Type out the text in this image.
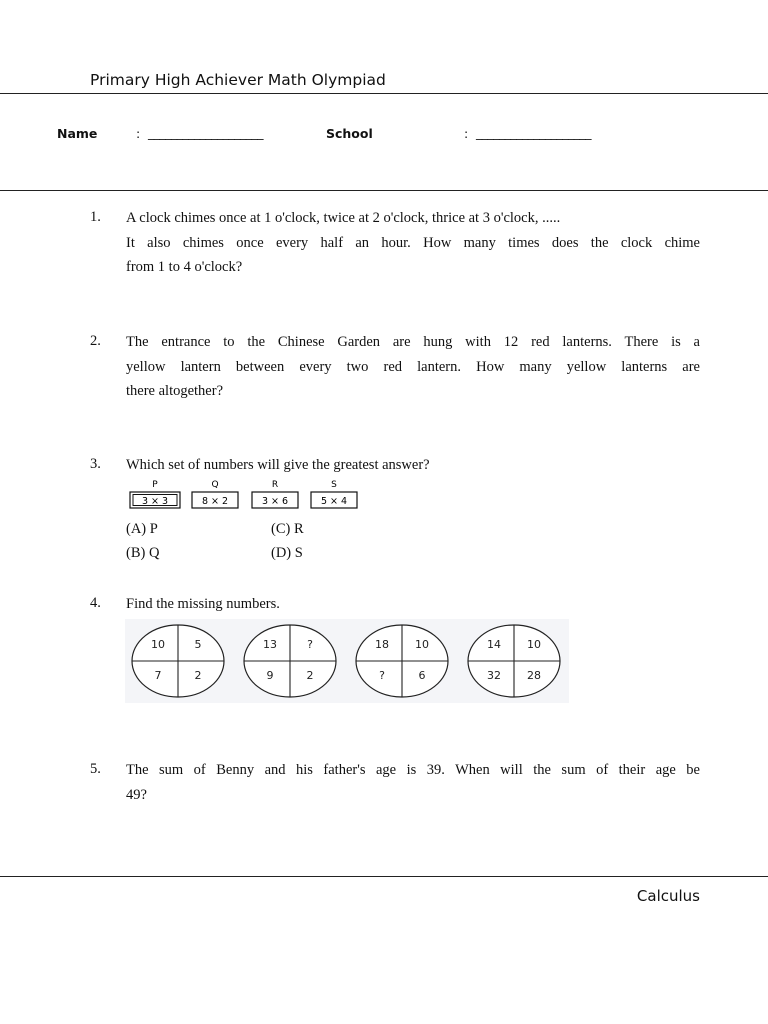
Primary High Achiever Math Olympiad
Name	: ____________________	School	: ____________________
1. A clock chimes once at 1 o'clock, twice at 2 o'clock, thrice at 3 o'clock, .....
It also chimes once every half an hour. How many times does the clock chime
from 1 to 4 o'clock?
2. The entrance to the Chinese Garden are hung with 12 red lanterns. There is a
yellow lantern between every two red lantern. How many yellow lanterns are
there altogether?
3. Which set of numbers will give the greatest answer?
P
3 × 3
Q
8 × 2
R
3 × 6
S
5 × 4
(A) P	(C) R
(B) Q	(D) S
4. Find the missing numbers.
10	5
7	2
13	?
9	2
18 10
?	6
14 10
32 28
5. The sum of Benny and his father's age is 39. When will the sum of their age be
49?
Calculus
